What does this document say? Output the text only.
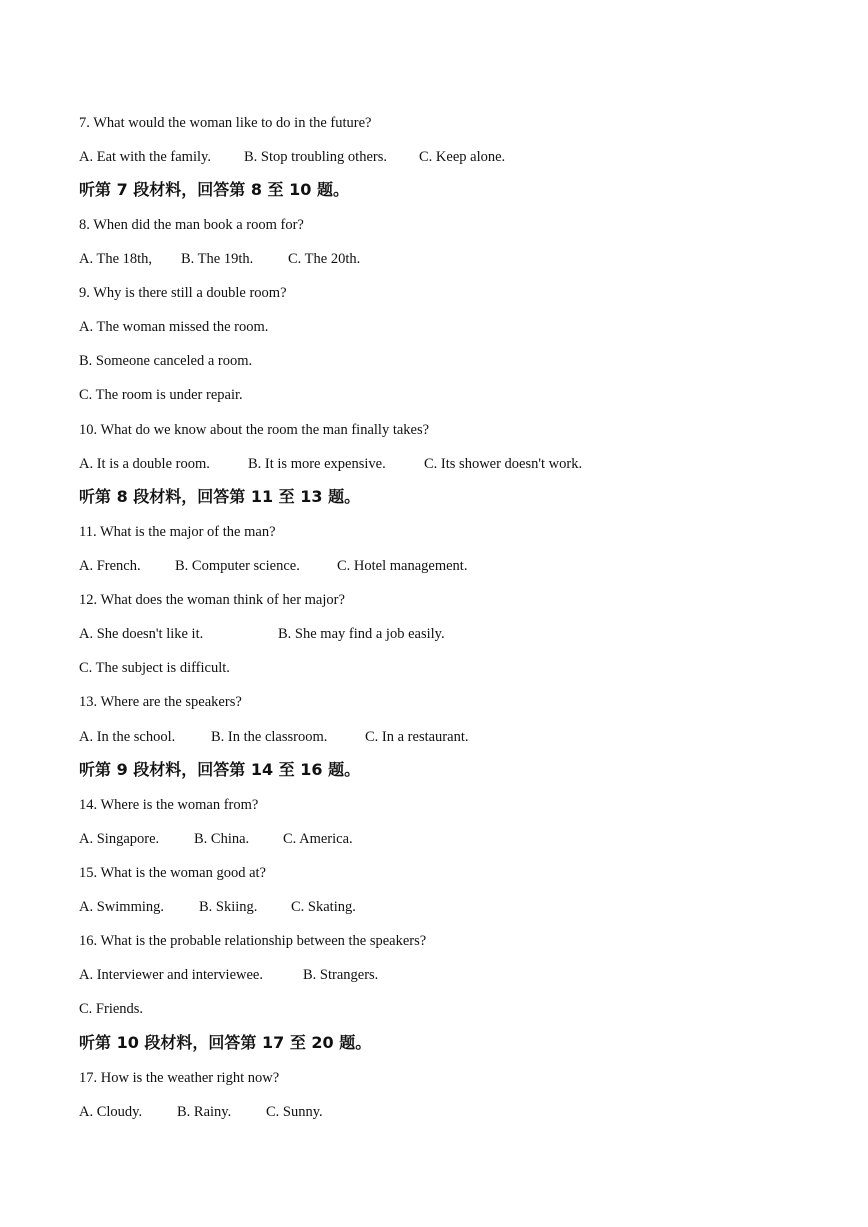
7. What would the woman like to do in the future?

A. Eat with the family. B. Stop troubling others. C. Keep alone.

听第 7 段材料，回答第 8 至 10 题。

8. When did the man book a room for?

A. The 18th, B. The 19th. C. The 20th.

9. Why is there still a double room?

A. The woman missed the room.

B. Someone canceled a room.

C. The room is under repair.

10. What do we know about the room the man finally takes?

A. It is a double room.	B. It is more expensive.	C. Its shower doesn't work.

听第 8 段材料，回答第 11 至 13 题。

11. What is the major of the man?

A. French. B. Computer science.	C. Hotel management.

12. What does the woman think of her major?

A. She doesn't like it.	B. She may find a job easily.

C. The subject is difficult.

13. Where are the speakers?

A. In the school. B. In the classroom.	C. In a restaurant.

听第 9 段材料，回答第 14 至 16 题。

14. Where is the woman from?

A. Singapore. B. China. C. America.

15. What is the woman good at?

A. Swimming. B. Skiing. C. Skating.

16. What is the probable relationship between the speakers?

A. Interviewer and interviewee.	B. Strangers.

C. Friends.

听第 10 段材料，回答第 17 至 20 题。

17. How is the weather right now?

A. Cloudy. B. Rainy. C. Sunny.
